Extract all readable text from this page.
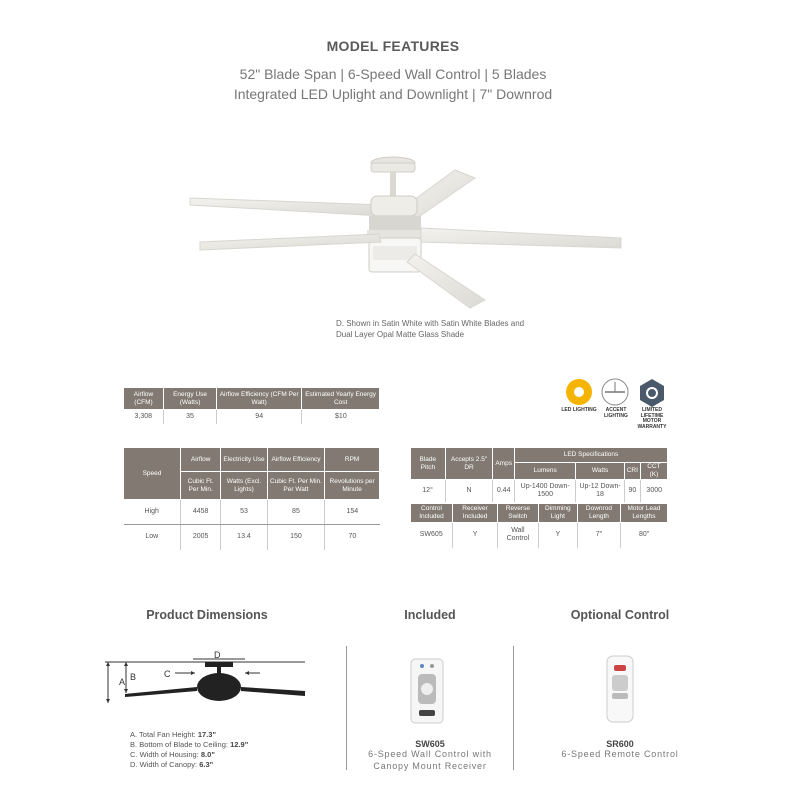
MODEL FEATURES
52" Blade Span | 6-Speed Wall Control | 5 Blades
Integrated LED Uplight and Downlight | 7" Downrod
D. Shown in Satin White with Satin White Blades and
Dual Layer Opal Matte Glass Shade
Airflow (CFM)	Energy Use (Watts)	Airflow Efficiency (CFM Per Watt)	Estimated Yearly Energy Cost
3,308	35	94	$10
Speed	Airflow	Electricity Use	Airflow Efficiency	RPM
	Cubic Ft. Per Min.	Watts (Excl. Lights)	Cubic Ft. Per Min. Per Watt	Revolutions per Minute
High	4458	53	85	154
Low	2005	13.4	150	70
LED LIGHTING	ACCENT LIGHTING
LIMITED LIFETIME MOTOR WARRANTY
Blade Pitch	Accepts 2.5" DR	Amps	LED Specifications			
			Lumens	Watts	CRI	CCT (K)
12°	N	0.44	Up-1400 Down-1500	Up-12 Down-18	90	3000
Control Included	Receiver Included	Reverse Switch	Dimming Light	Downrod Length	Motor Lead Lengths
SW605	Y	Wall Control	Y	7"	80"
Product Dimensions	Included	Optional Control
A B
D
C
A. Total Fan Height: 17.3"
B. Bottom of Blade to Ceiling: 12.9"
C. Width of Housing: 8.0"
D. Width of Canopy: 6.3"
SW605
6-Speed Wall Control with
Canopy Mount Receiver
SR600
6-Speed Remote Control
